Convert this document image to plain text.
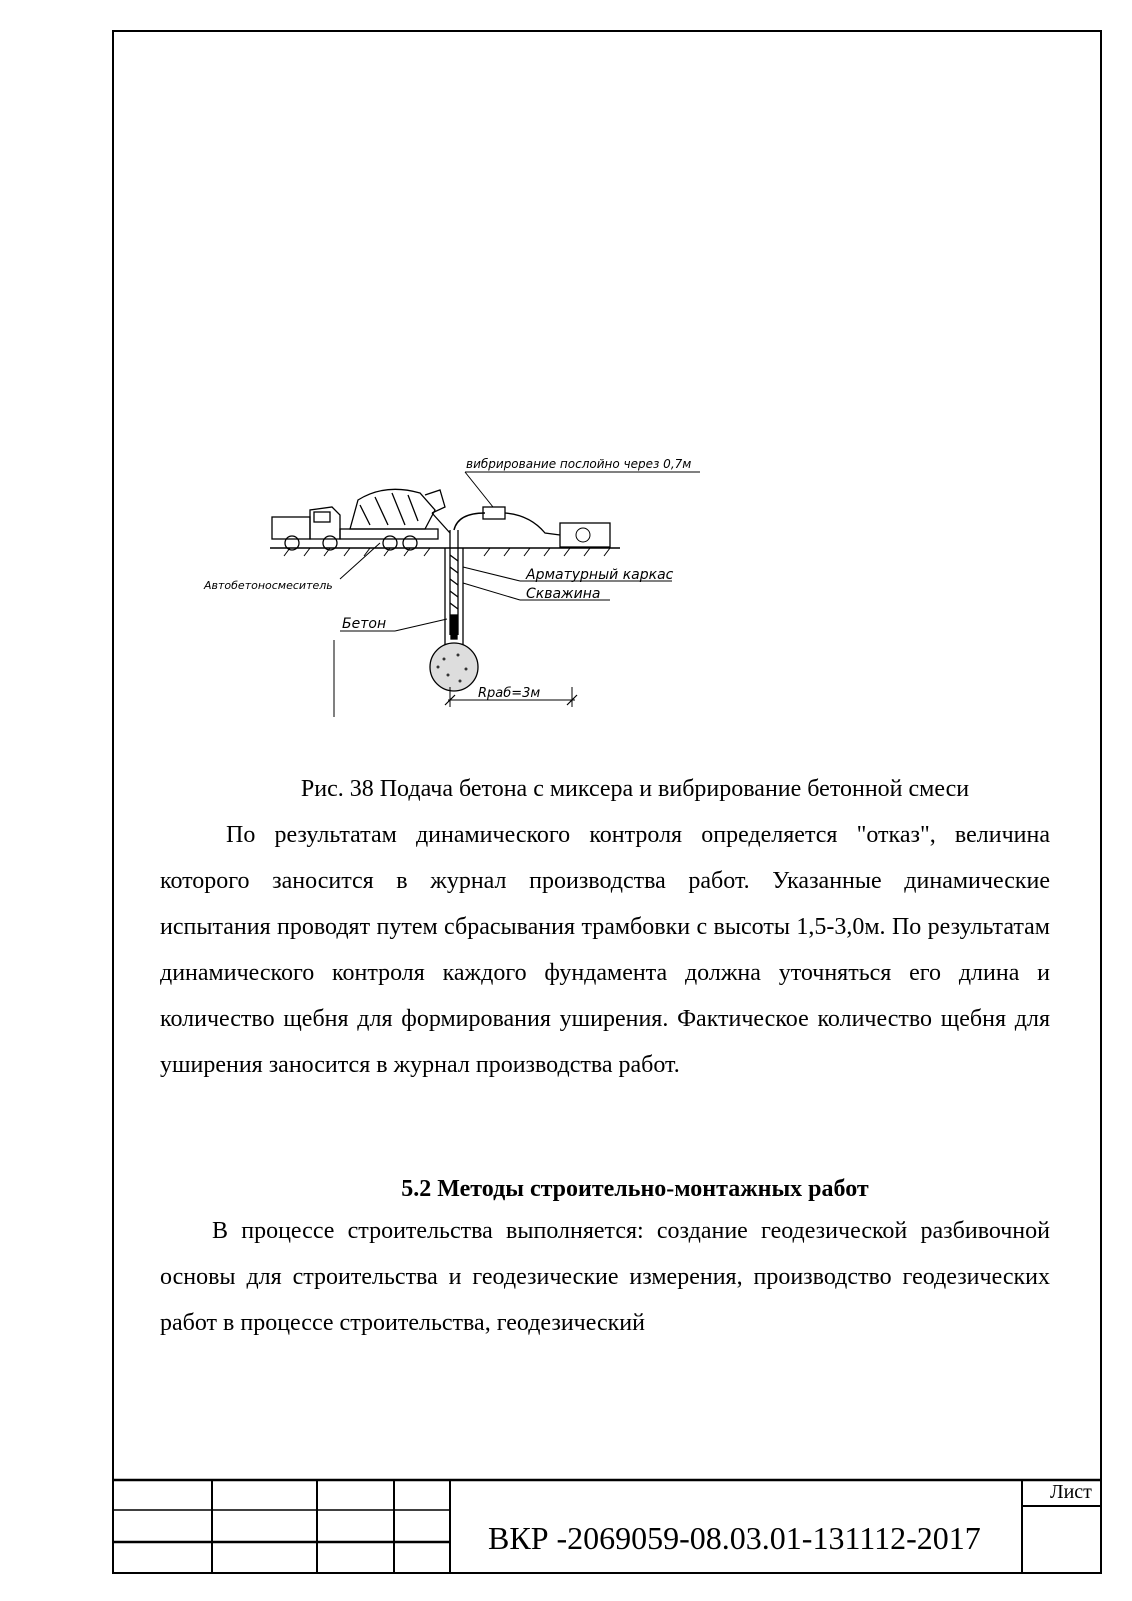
вибрирование послойно через 0,7м
Автобетоносмеситель
Арматурный каркас
Скважина
Бетон
Rраб=3м
Рис. 38 Подача бетона с миксера и вибрирование бетонной смеси

По результатам динамического контроля определяется "отказ", величина которого заносится в журнал производства работ. Указанные динамические испытания проводят путем сбрасывания трамбовки с высоты 1,5-3,0м. По результатам динамического контроля каждого фундамента должна уточняться его длина и количество щебня для формирования уширения. Фактическое количество щебня для уширения заносится в журнал производства работ.

5.2 Методы строительно-монтажных работ

В процессе строительства выполняется: создание геодезической разбивочной основы для строительства и геодезические измерения, производство геодезических работ в процессе строительства, геодезический

Лист
ВКР -2069059-08.03.01-131112-2017
